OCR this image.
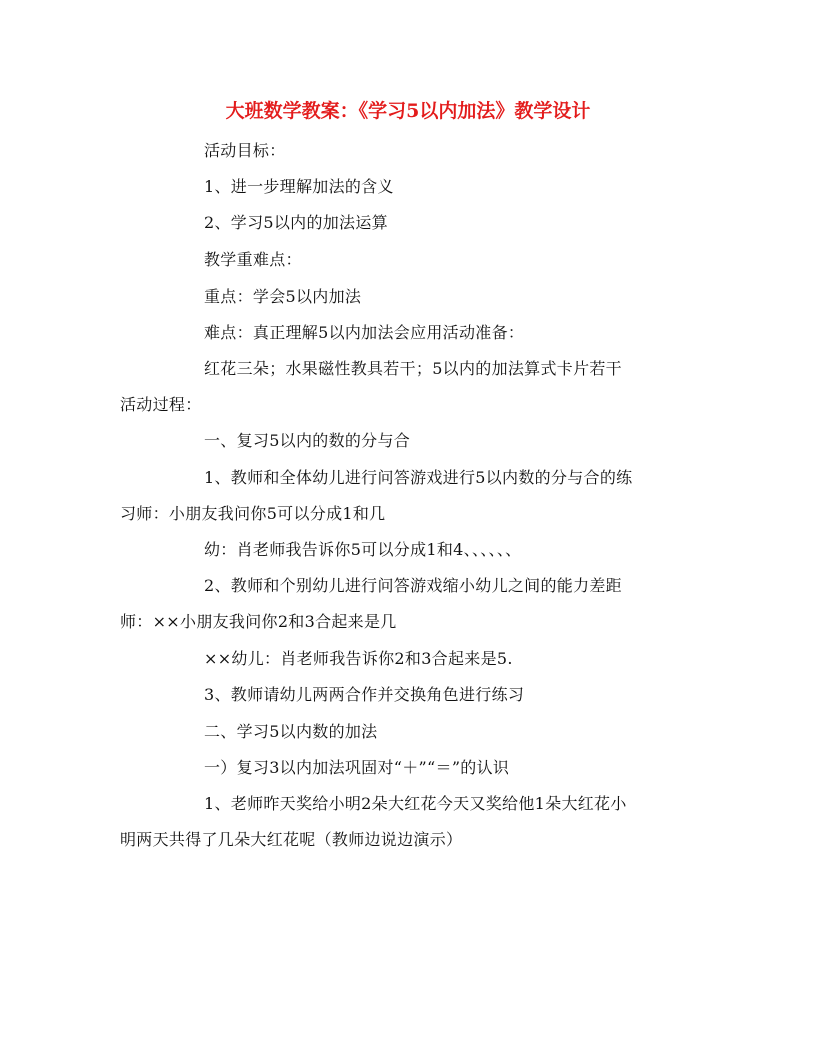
大班数学教案：《学习5以内加法》教学设计
活动目标：
1、进一步理解加法的含义
2、学习5以内的加法运算
教学重难点：
重点：学会5以内加法
难点：真正理解5以内加法会应用活动准备：
红花三朵；水果磁性教具若干；5以内的加法算式卡片若干
活动过程：
一、复习5以内的数的分与合
1、教师和全体幼儿进行问答游戏进行5以内数的分与合的练
习师：小朋友我问你5可以分成1和几
幼：肖老师我告诉你5可以分成1和4、、、、、、
2、教师和个别幼儿进行问答游戏缩小幼儿之间的能力差距
师：××小朋友我问你2和3合起来是几
××幼儿：肖老师我告诉你2和3合起来是5.
3、教师请幼儿两两合作并交换角色进行练习
二、学习5以内数的加法
一）复习3以内加法巩固对“＋”“＝”的认识
1、老师昨天奖给小明2朵大红花今天又奖给他1朵大红花小
明两天共得了几朵大红花呢（教师边说边演示）
